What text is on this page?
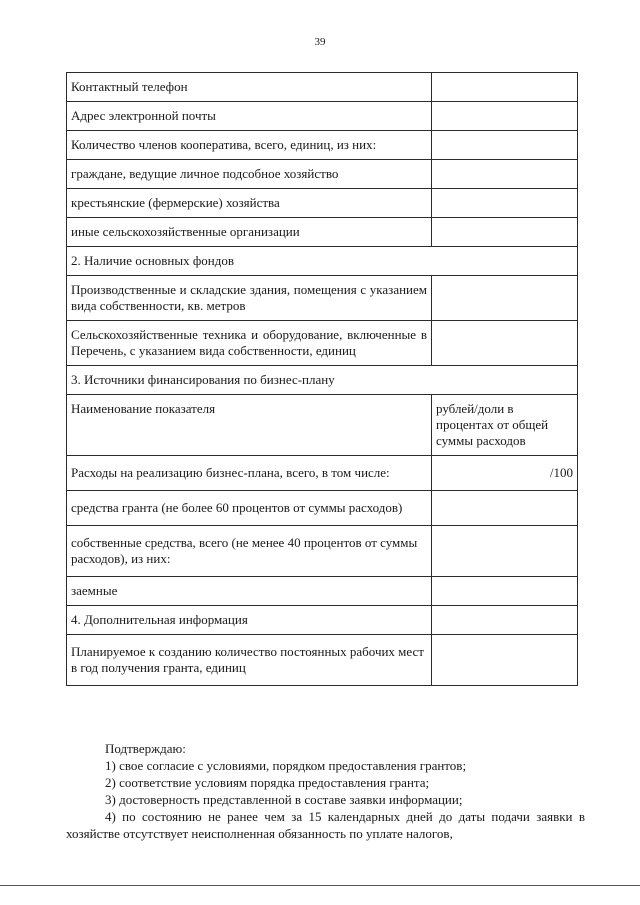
39
Контактный телефон	
Адрес электронной почты	
Количество членов кооператива, всего, единиц, из них:	
граждане, ведущие личное подсобное хозяйство	
крестьянские (фермерские) хозяйства	
иные сельскохозяйственные организации	
2. Наличие основных фондов	
Производственные и складские здания, помещения с указанием вида собственности, кв. метров	
Сельскохозяйственные техника и оборудование, включенные в Перечень, с указанием вида собственности, единиц	
3. Источники финансирования по бизнес-плану	
Наименование показателя	рублей/доли в процентах от общей суммы расходов
Расходы на реализацию бизнес-плана, всего, в том числе:	/100
средства гранта (не более 60 процентов от суммы расходов)	
собственные средства, всего (не менее 40 процентов от суммы расходов), из них:	
заемные	
4. Дополнительная информация	
Планируемое к созданию количество постоянных рабочих мест в год получения гранта, единиц	

Подтверждаю:

1) свое согласие с условиями, порядком предоставления грантов;

2) соответствие условиям порядка предоставления гранта;

3) достоверность представленной в составе заявки информации;

4) по состоянию не ранее чем за 15 календарных дней до даты подачи заявки в хозяйстве отсутствует неисполненная обязанность по уплате налогов,
